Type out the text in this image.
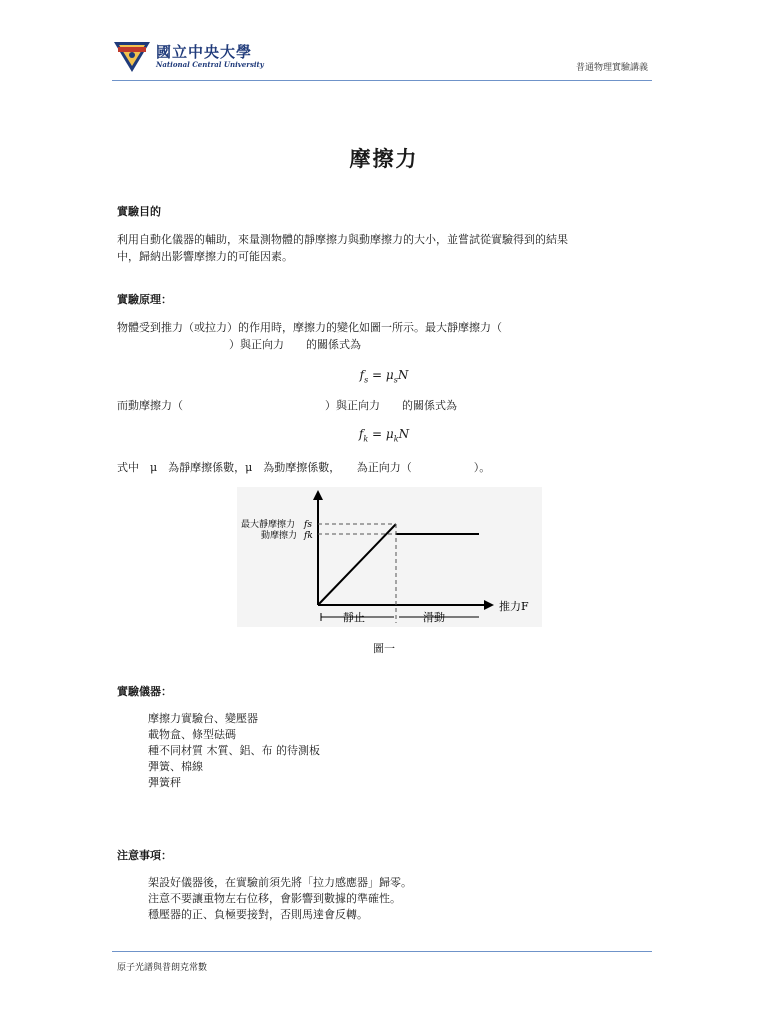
國立中央大學
National Central University	普通物理實驗講義
摩擦力
實驗目的
利用自動化儀器的輔助，來量測物體的靜摩擦力與動摩擦力的大小，並嘗試從實驗得到的結果
中，歸納出影響摩擦力的可能因素。
實驗原理：
物體受到推力（或拉力）的作用時，摩擦力的變化如圖一所示。最大靜摩擦力（
）與正向力　　的關係式為
$f_s = \mu_sN$
而動摩擦力（	）與正向力　　的關係式為
$f_k = \mu_kN$
式中　μ　為靜摩擦係數，μ　為動摩擦係數，　　為正向力（	）。
最大靜摩擦力 fs
動摩擦力 fk
推力F
靜止	滑動
圖一
實驗儀器：
摩擦力實驗台、變壓器
載物盒、條型砝碼
種不同材質 木質、鋁、布 的待測板
彈簧、棉線
彈簧秤
注意事項：
架設好儀器後，在實驗前須先將「拉力感應器」歸零。
注意不要讓重物左右位移，會影響到數據的準確性。
穩壓器的正、負極要接對，否則馬達會反轉。
原子光譜與普朗克常數
